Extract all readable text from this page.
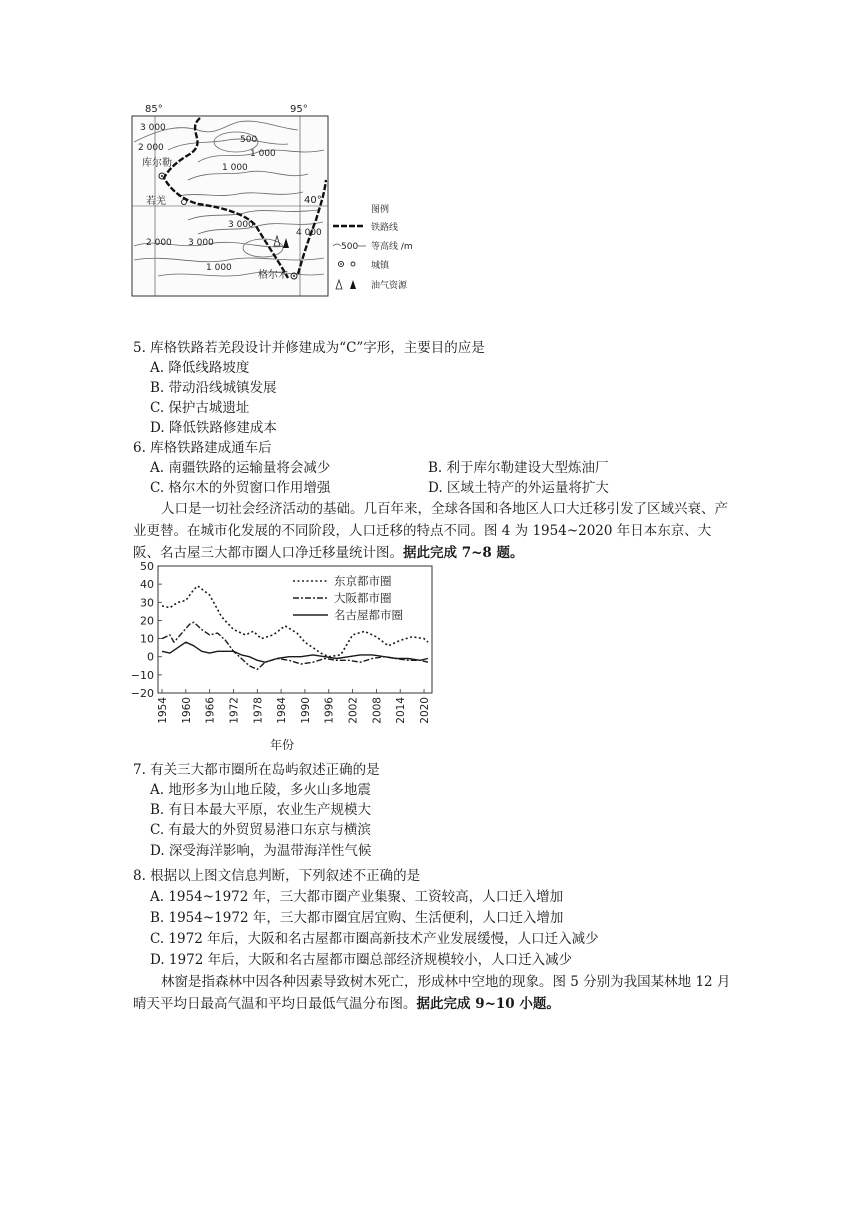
85°	95°
40°
3 000
2 000
500
1 000
1 000
3 000
4 000
3 000
2 000
1 000
库尔勒
若羌
格尔木
图例
铁路线
500 等高线 /m
城镇
油气资源
5. 库格铁路若羌段设计并修建成为“C”字形，主要目的应是
A. 降低线路坡度
B. 带动沿线城镇发展
C. 保护古城遗址
D. 降低铁路修建成本
6. 库格铁路建成通车后
A. 南疆铁路的运输量将会减少	B. 利于库尔勒建设大型炼油厂
C. 格尔木的外贸窗口作用增强	D. 区域土特产的外运量将扩大
人口是一切社会经济活动的基础。几百年来，全球各国和各地区人口大迁移引发了区域兴衰、产业更替。在城市化发展的不同阶段，人口迁移的特点不同。图 4 为 1954~2020 年日本东京、大阪、名古屋三大都市圈人口净迁移量统计图。据此完成 7~8 题。
50
40
30
20
10
0
−10
−20
1954 1960 1966 1972 1978 1984 1990 1996 2002 2008 2014 2020
东京都市圈
大阪都市圈
名古屋都市圈
年份
7. 有关三大都市圈所在岛屿叙述正确的是
A. 地形多为山地丘陵，多火山多地震
B. 有日本最大平原，农业生产规模大
C. 有最大的外贸贸易港口东京与横滨
D. 深受海洋影响，为温带海洋性气候
8. 根据以上图文信息判断，下列叙述不正确的是
A. 1954~1972 年，三大都市圈产业集聚、工资较高，人口迁入增加
B. 1954~1972 年，三大都市圈宜居宜购、生活便利，人口迁入增加
C. 1972 年后，大阪和名古屋都市圈高新技术产业发展缓慢，人口迁入减少
D. 1972 年后，大阪和名古屋都市圈总部经济规模较小，人口迁入减少
林窗是指森林中因各种因素导致树木死亡，形成林中空地的现象。图 5 分别为我国某林地 12 月晴天平均日最高气温和平均日最低气温分布图。据此完成 9~10 小题。
